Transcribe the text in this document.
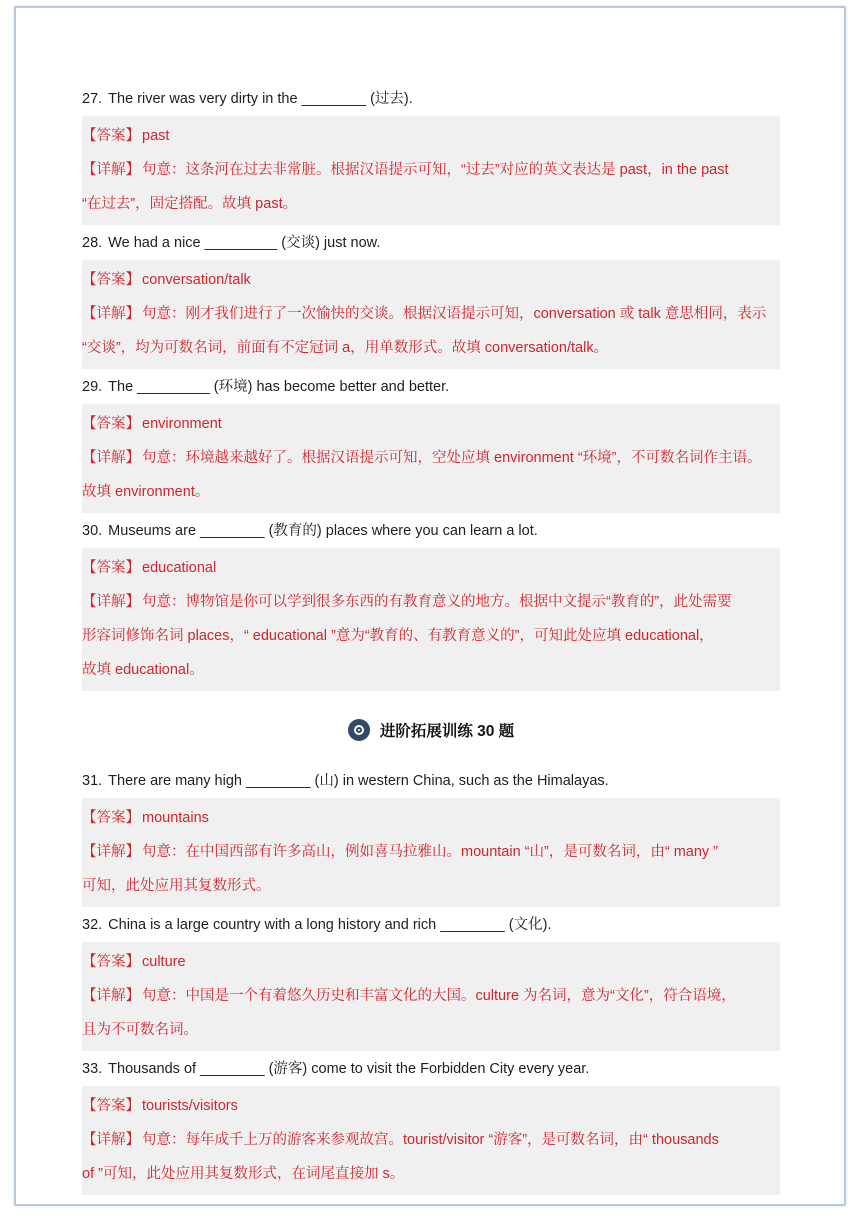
27. The river was very dirty in the ________ (过去).
【答案】 past
【详解】 句意：这条河在过去非常脏。根据汉语提示可知，“过去”对应的英文表达是 past，in the past
“在过去”，固定搭配。故填 past。
28. We had a nice _________ (交谈) just now.
【答案】 conversation/talk
【详解】 句意：刚才我们进行了一次愉快的交谈。根据汉语提示可知，conversation 或 talk 意思相同，表示
“交谈”，均为可数名词，前面有不定冠词 a，用单数形式。故填 conversation/talk。
29. The _________ (环境) has become better and better.
【答案】 environment
【详解】 句意：环境越来越好了。根据汉语提示可知，空处应填 environment “环境”，不可数名词作主语。
故填 environment。
30. Museums are ________ (教育的) places where you can learn a lot.
【答案】 educational
【详解】 句意：博物馆是你可以学到很多东西的有教育意义的地方。根据中文提示“教育的”，此处需要
形容词修饰名词 places，“ educational ”意为“教育的、有教育意义的”，可知此处应填 educational，
故填 educational。
进阶拓展训练 30 题
31. There are many high ________ (山) in western China, such as the Himalayas.
【答案】 mountains
【详解】 句意：在中国西部有许多高山，例如喜马拉雅山。mountain “山”，是可数名词，由“ many ”
可知，此处应用其复数形式。
32. China is a large country with a long history and rich ________ (文化).
【答案】 culture
【详解】 句意：中国是一个有着悠久历史和丰富文化的大国。culture 为名词，意为“文化”，符合语境，
且为不可数名词。
33. Thousands of ________ (游客) come to visit the Forbidden City every year.
【答案】 tourists/visitors
【详解】 句意：每年成千上万的游客来参观故宫。tourist/visitor “游客”，是可数名词，由“ thousands
of ”可知，此处应用其复数形式，在词尾直接加 s。
